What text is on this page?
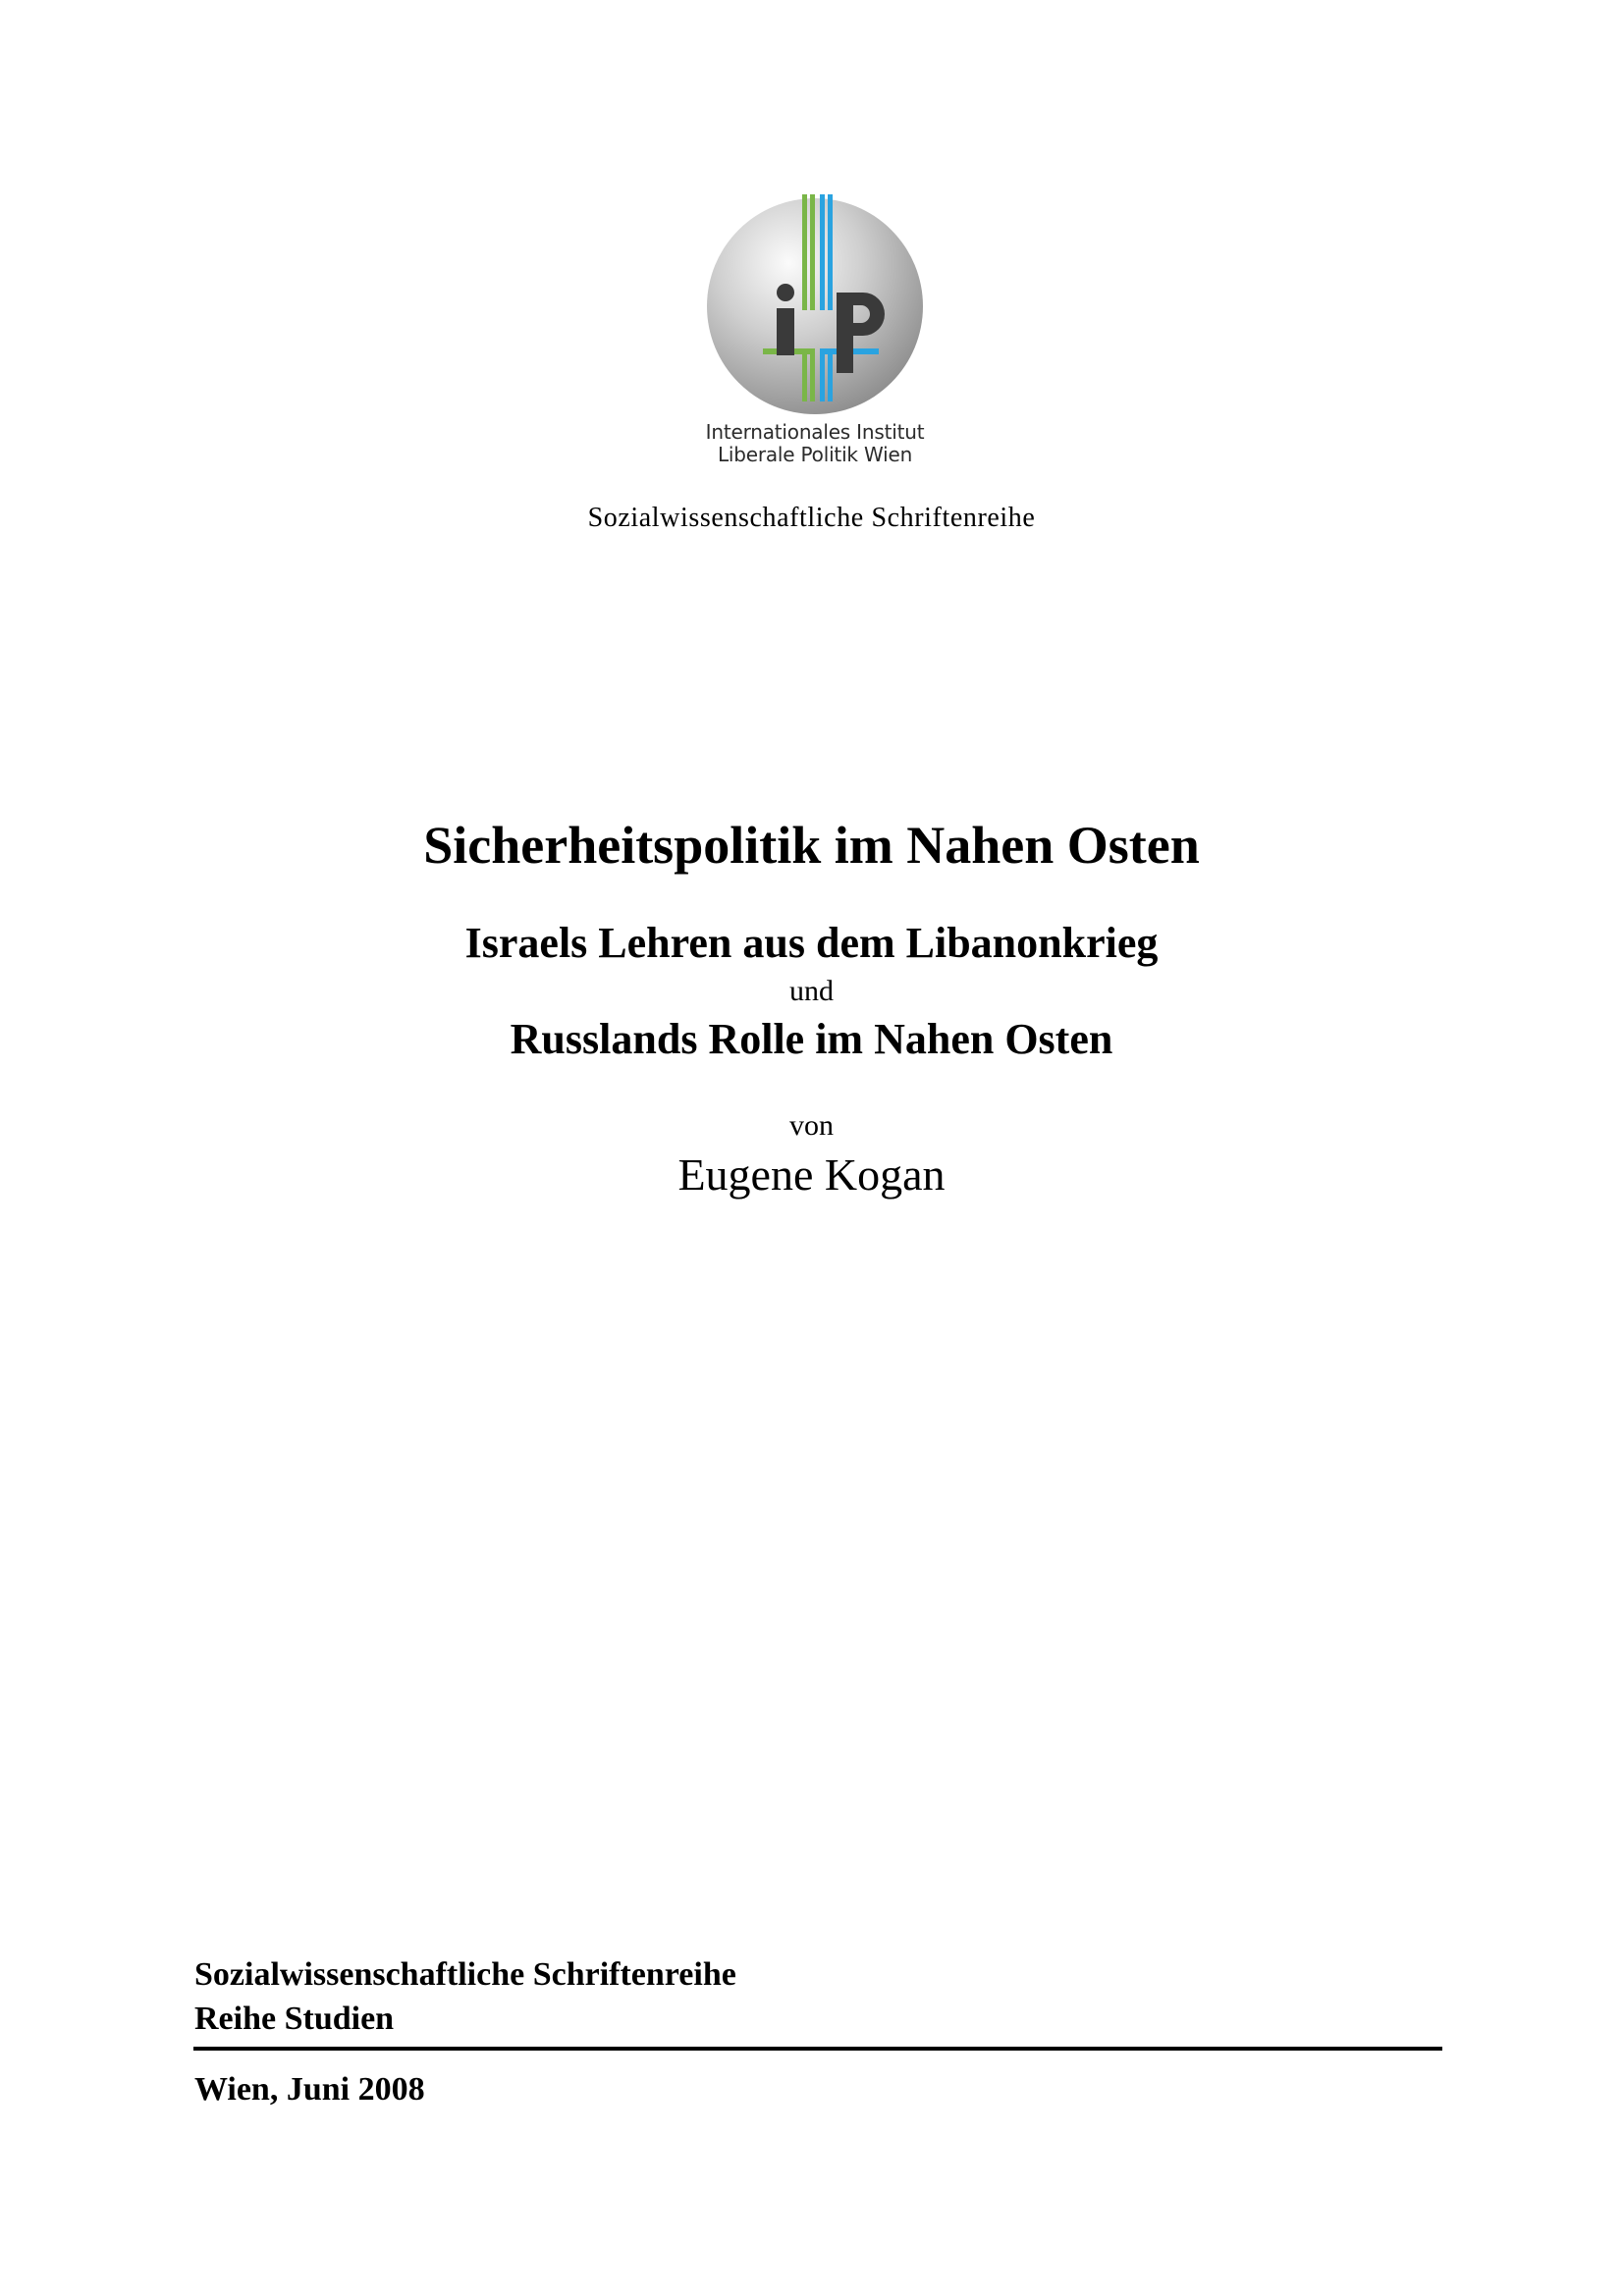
Internationales Institut
Liberale Politik Wien
Sozialwissenschaftliche Schriftenreihe
Sicherheitspolitik im Nahen Osten
Israels Lehren aus dem Libanonkrieg
und
Russlands Rolle im Nahen Osten
von
Eugene Kogan
Sozialwissenschaftliche Schriftenreihe
Reihe Studien
Wien, Juni 2008
